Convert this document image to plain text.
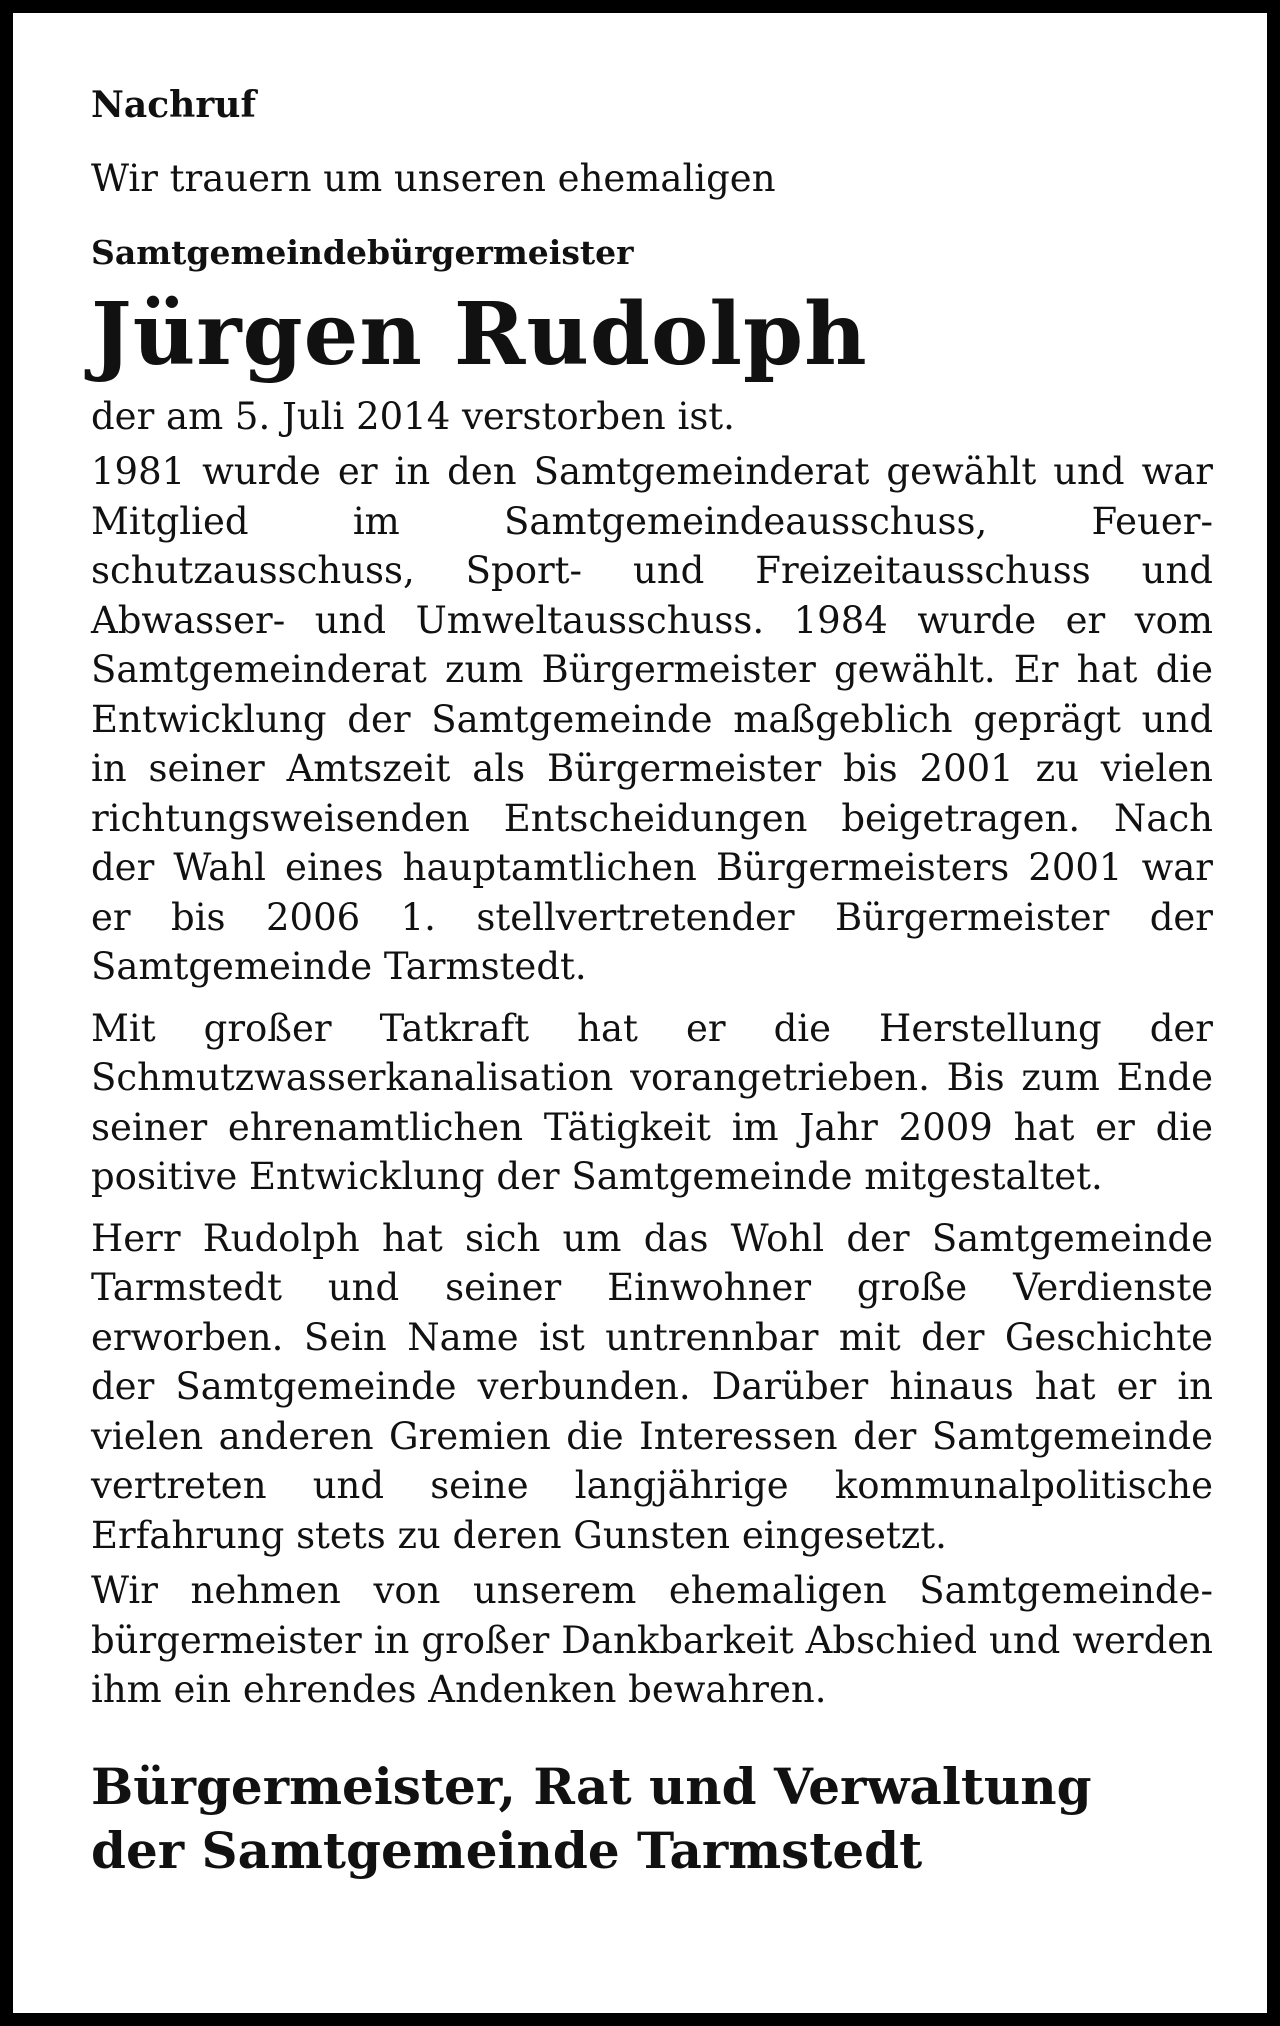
Nachruf

Wir trauern um unseren ehemaligen

Samtgemeindebürgermeister

Jürgen Rudolph

der am 5. Juli 2014 verstorben ist.

1981 wurde er in den Samtgemeinderat gewählt und war Mitglied im Samtgemeindeausschuss, Feuerschutzausschuss, Sport- und Freizeitausschuss und Abwasser- und Umweltausschuss. 1984 wurde er vom Samtgemeinderat zum Bürgermeister gewählt. Er hat die Entwicklung der Samtgemeinde maßgeblich geprägt und in seiner Amtszeit als Bürgermeister bis 2001 zu vielen richtungsweisenden Entscheidungen beigetragen. Nach der Wahl eines hauptamtlichen Bürgermeisters 2001 war er bis 2006 1. stellvertretender Bürgermeister der Samtgemeinde Tarmstedt.

Mit großer Tatkraft hat er die Herstellung der Schmutzwasserkanalisation vorangetrieben. Bis zum Ende seiner ehrenamtlichen Tätigkeit im Jahr 2009 hat er die positive Entwicklung der Samtgemeinde mitgestaltet.

Herr Rudolph hat sich um das Wohl der Samtgemeinde Tarmstedt und seiner Einwohner große Verdienste erworben. Sein Name ist untrennbar mit der Geschichte der Samtgemeinde verbunden. Darüber hinaus hat er in vielen anderen Gremien die Interessen der Samtgemeinde vertreten und seine langjährige kommunalpolitische Erfahrung stets zu deren Gunsten eingesetzt.

Wir nehmen von unserem ehemaligen Samtgemeindebürgermeister in großer Dankbarkeit Abschied und werden ihm ein ehrendes Andenken bewahren.

Bürgermeister, Rat und Verwaltung
der Samtgemeinde Tarmstedt
